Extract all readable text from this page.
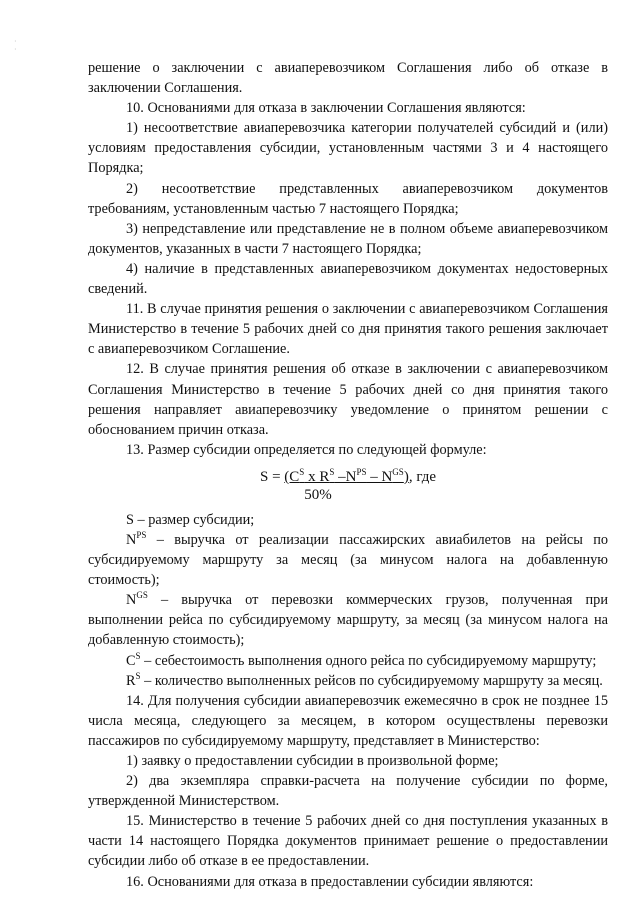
· ·

решение о заключении с авиаперевозчиком Соглашения либо об отказе в заключении Соглашения.

10. Основаниями для отказа в заключении Соглашения являются:

1) несоответствие авиаперевозчика категории получателей субсидий и (или) условиям предоставления субсидии, установленным частями 3 и 4 настоящего Порядка;

2) несоответствие представленных авиаперевозчиком документов требованиям, установленным частью 7 настоящего Порядка;

3) непредставление или представление не в полном объеме авиаперевозчиком документов, указанных в части 7 настоящего Порядка;

4) наличие в представленных авиаперевозчиком документах недостоверных сведений.

11. В случае принятия решения о заключении с авиаперевозчиком Соглашения Министерство в течение 5 рабочих дней со дня принятия такого решения заключает с авиаперевозчиком Соглашение.

12. В случае принятия решения об отказе в заключении с авиаперевозчиком Соглашения Министерство в течение 5 рабочих дней со дня принятия такого решения направляет авиаперевозчику уведомление о принятом решении с обоснованием причин отказа.

13. Размер субсидии определяется по следующей формуле:

$S = (C^S$ x $R^S$ $-N^{PS} - N^{GS}$), где
50%

S – размер субсидии;

$N^{PS}$ – выручка от реализации пассажирских авиабилетов на рейсы по субсидируемому маршруту за месяц (за минусом налога на добавленную стоимость);

$N^{GS}$ – выручка от перевозки коммерческих грузов, полученная при выполнении рейса по субсидируемому маршруту, за месяц (за минусом налога на добавленную стоимость);

$C^S$ – себестоимость выполнения одного рейса по субсидируемому маршруту;

$R^S$ – количество выполненных рейсов по субсидируемому маршруту за месяц.

14. Для получения субсидии авиаперевозчик ежемесячно в срок не позднее 15 числа месяца, следующего за месяцем, в котором осуществлены перевозки пассажиров по субсидируемому маршруту, представляет в Министерство:

1) заявку о предоставлении субсидии в произвольной форме;

2) два экземпляра справки-расчета на получение субсидии по форме, утвержденной Министерством.

15. Министерство в течение 5 рабочих дней со дня поступления указанных в части 14 настоящего Порядка документов принимает решение о предоставлении субсидии либо об отказе в ее предоставлении.

16. Основаниями для отказа в предоставлении субсидии являются:
